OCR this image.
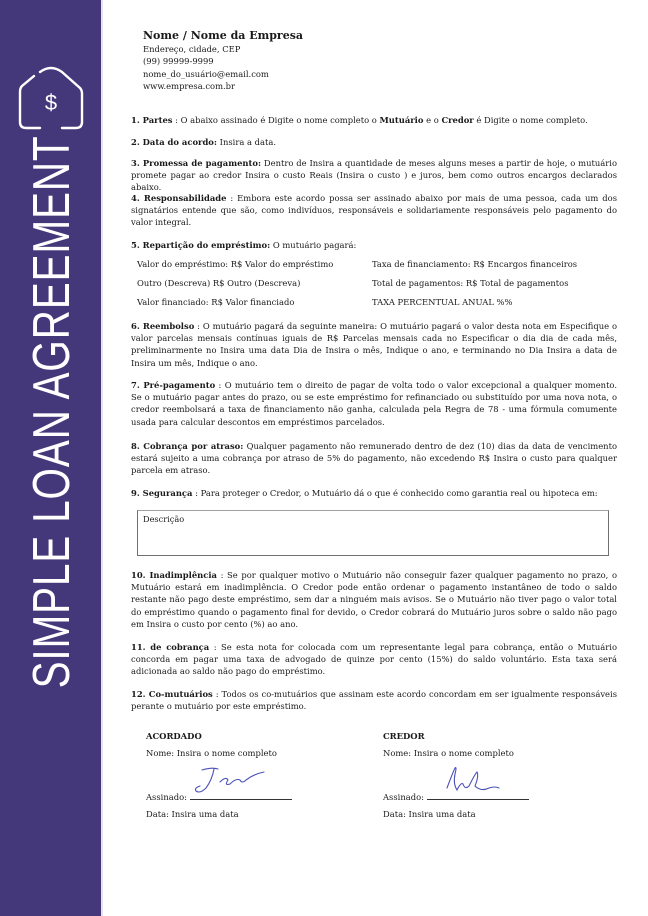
$
SIMPLE LOAN AGREEMENT
Nome / Nome da Empresa
Endereço, cidade, CEP
(99) 99999-9999
nome_do_usuário@email.com
www.empresa.com.br
1. Partes : O abaixo assinado é Digite o nome completo o Mutuário e o Credor é Digite o nome completo.
2. Data do acordo: Insira a data.
3. Promessa de pagamento: Dentro de Insira a quantidade de meses alguns meses a partir de hoje, o mutuário promete pagar ao credor Insira o custo Reais (Insira o custo ) e juros, bem como outros encargos declarados abaixo.
4. Responsabilidade : Embora este acordo possa ser assinado abaixo por mais de uma pessoa, cada um dos signatários entende que são, como indivíduos, responsáveis e solidariamente responsáveis pelo pagamento do valor integral.
5. Repartição do empréstimo: O mutuário pagará:
Valor do empréstimo: R$ Valor do empréstimo	Taxa de financiamento: R$ Encargos financeiros
Outro (Descreva) R$ Outro (Descreva)	Total de pagamentos: R$ Total de pagamentos
Valor financiado: R$ Valor financiado	TAXA PERCENTUAL ANUAL %%
6. Reembolso : O mutuário pagará da seguinte maneira: O mutuário pagará o valor desta nota em Especifique o valor parcelas mensais contínuas iguais de R$ Parcelas mensais cada no Especificar o dia dia de cada mês, preliminarmente no Insira uma data Dia de Insira o mês, Indique o ano, e terminando no Dia Insira a data de Insira um mês, Indique o ano.
7. Pré-pagamento : O mutuário tem o direito de pagar de volta todo o valor excepcional a qualquer momento. Se o mutuário pagar antes do prazo, ou se este empréstimo for refinanciado ou substituído por uma nova nota, o credor reembolsará a taxa de financiamento não ganha, calculada pela Regra de 78 - uma fórmula comumente usada para calcular descontos em empréstimos parcelados.
8. Cobrança por atraso: Qualquer pagamento não remunerado dentro de dez (10) dias da data de vencimento estará sujeito a uma cobrança por atraso de 5% do pagamento, não excedendo R$ Insira o custo para qualquer parcela em atraso.
9. Segurança : Para proteger o Credor, o Mutuário dá o que é conhecido como garantia real ou hipoteca em:
Descrição
10. Inadimplência : Se por qualquer motivo o Mutuário não conseguir fazer qualquer pagamento no prazo, o Mutuário estará em inadimplência. O Credor pode então ordenar o pagamento instantâneo de todo o saldo restante não pago deste empréstimo, sem dar a ninguém mais avisos. Se o Mutuário não tiver pago o valor total do empréstimo quando o pagamento final for devido, o Credor cobrará do Mutuário juros sobre o saldo não pago em Insira o custo por cento (%) ao ano.
11. de cobrança : Se esta nota for colocada com um representante legal para cobrança, então o Mutuário concorda em pagar uma taxa de advogado de quinze por cento (15%) do saldo voluntário. Esta taxa será adicionada ao saldo não pago do empréstimo.
12. Co-mutuários : Todos os co-mutuários que assinam este acordo concordam em ser igualmente responsáveis perante o mutuário por este empréstimo.
ACORDADO
Nome: Insira o nome completo
Assinado:
Data: Insira uma data
CREDOR
Nome: Insira o nome completo
Assinado:
Data: Insira uma data
